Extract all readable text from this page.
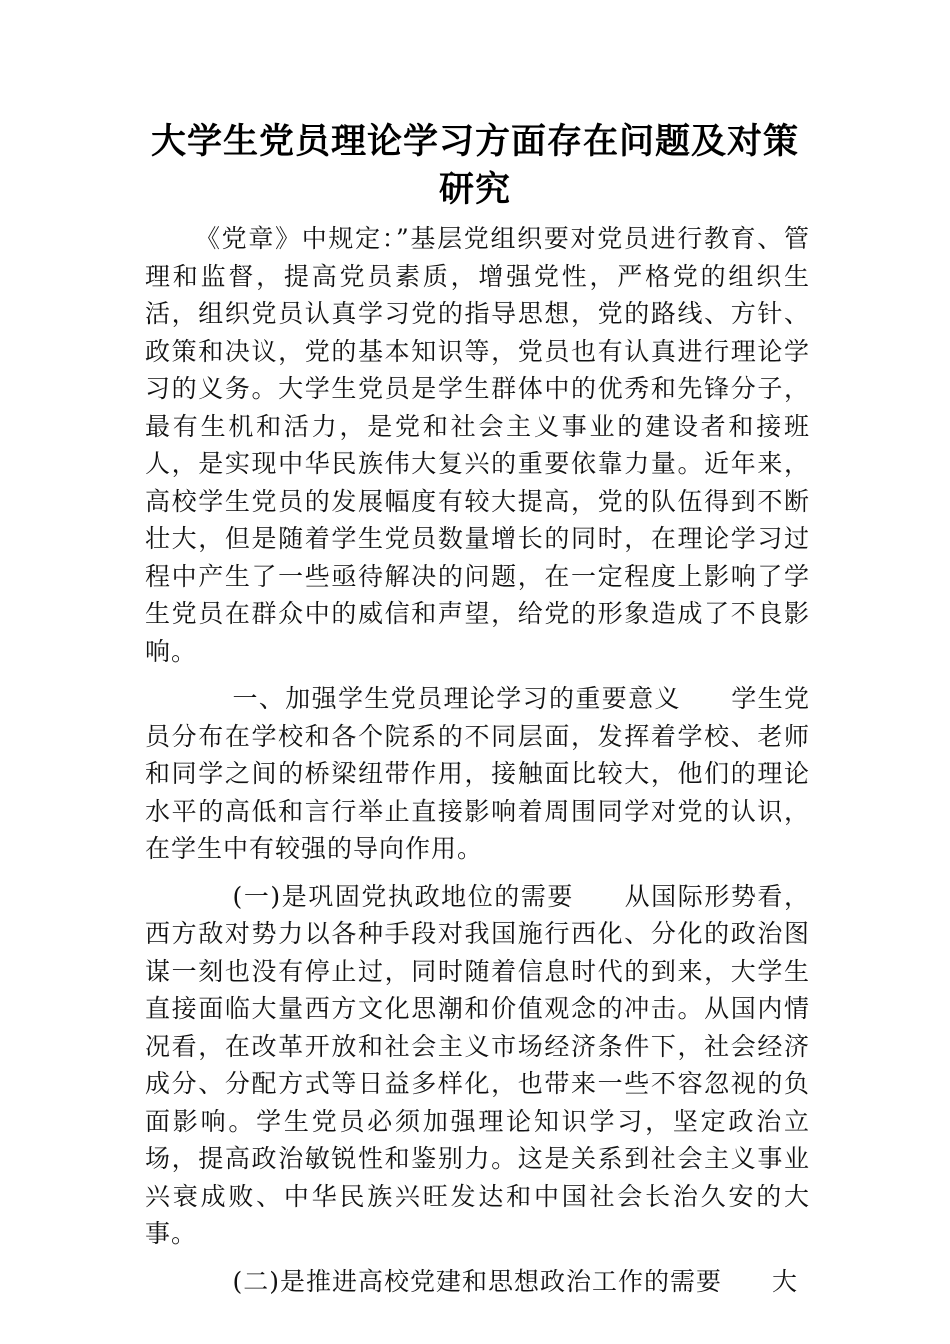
大学生党员理论学习方面存在问题及对策研究

《党章》中规定：”基层党组织要对党员进行教育、管理和监督，提高党员素质，增强党性，严格党的组织生活，组织党员认真学习党的指导思想，党的路线、方针、政策和决议，党的基本知识等，党员也有认真进行理论学习的义务。大学生党员是学生群体中的优秀和先锋分子，最有生机和活力，是党和社会主义事业的建设者和接班人，是实现中华民族伟大复兴的重要依靠力量。近年来，高校学生党员的发展幅度有较大提高，党的队伍得到不断壮大，但是随着学生党员数量增长的同时，在理论学习过程中产生了一些亟待解决的问题，在一定程度上影响了学生党员在群众中的威信和声望，给党的形象造成了不良影响。

一、加强学生党员理论学习的重要意义 学生党员分布在学校和各个院系的不同层面，发挥着学校、老师和同学之间的桥梁纽带作用，接触面比较大，他们的理论水平的高低和言行举止直接影响着周围同学对党的认识，在学生中有较强的导向作用。

(一)是巩固党执政地位的需要 从国际形势看，西方敌对势力以各种手段对我国施行西化、分化的政治图谋一刻也没有停止过，同时随着信息时代的到来，大学生直接面临大量西方文化思潮和价值观念的冲击。从国内情况看，在改革开放和社会主义市场经济条件下，社会经济成分、分配方式等日益多样化，也带来一些不容忽视的负面影响。学生党员必须加强理论知识学习，坚定政治立场，提高政治敏锐性和鉴别力。这是关系到社会主义事业兴衰成败、中华民族兴旺发达和中国社会长治久安的大事。

(二)是推进高校党建和思想政治工作的需要 大
